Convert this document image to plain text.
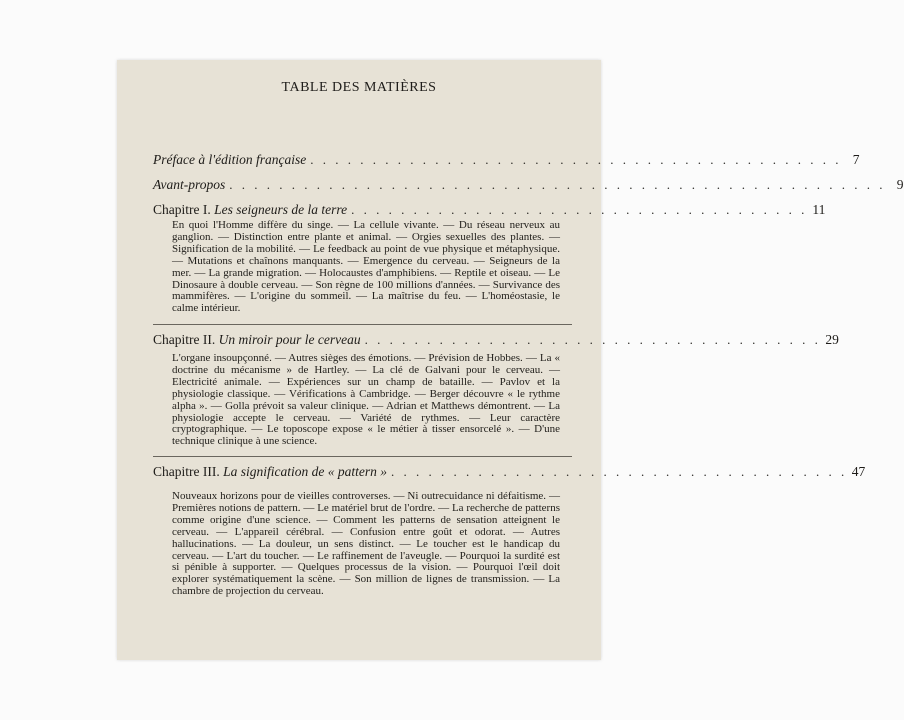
TABLE DES MATIÈRES
Préface à l'édition française . . . . . . . . . . . . . . . . . . . . . . . . . . . . . . . . . . . . . . . . . . . 7
Avant-propos . . . . . . . . . . . . . . . . . . . . . . . . . . . . . . . . . . . . . . . . . . . . . . . . . . . . . 9
Chapitre I. Les seigneurs de la terre . . . . . . . . . . . . . . . . . . . . . . . . . . . . . . . . . . . . . 11
En quoi l'Homme diffère du singe. — La cellule vivante. — Du réseau nerveux au ganglion. — Distinction entre plante et animal. — Orgies sexuelles des plantes. — Signification de la mobilité. — Le feedback au point de vue physique et métaphysique. — Mutations et chaînons manquants. — Emergence du cerveau. — Seigneurs de la mer. — La grande migration. — Holocaustes d'amphibiens. — Reptile et oiseau. — Le Dinosaure à double cerveau. — Son règne de 100 millions d'années. — Survivance des mammifères. — L'origine du sommeil. — La maîtrise du feu. — L'homéostasie, le calme intérieur.
Chapitre II. Un miroir pour le cerveau . . . . . . . . . . . . . . . . . . . . . . . . . . . . . . . . . . . . . 29
L'organe insoupçonné. — Autres sièges des émotions. — Prévision de Hobbes. — La « doctrine du mécanisme » de Hartley. — La clé de Galvani pour le cerveau. — Electricité animale. — Expériences sur un champ de bataille. — Pavlov et la physiologie classique. — Vérifications à Cambridge. — Berger découvre « le rythme alpha ». — Golla prévoit sa valeur clinique. — Adrian et Matthews démontrent. — La physiologie accepte le cerveau. — Variété de rythmes. — Leur caractère cryptographique. — Le toposcope expose « le métier à tisser ensorcelé ». — D'une technique clinique à une science.
Chapitre III. La signification de « pattern » . . . . . . . . . . . . . . . . . . . . . . . . . . . . . . . . . . . . . 47
Nouveaux horizons pour de vieilles controverses. — Ni outrecuidance ni défaitisme. — Premières notions de pattern. — Le matériel brut de l'ordre. — La recherche de patterns comme origine d'une science. — Comment les patterns de sensation atteignent le cerveau. — L'appareil cérébral. — Confusion entre goût et odorat. — Autres hallucinations. — La douleur, un sens distinct. — Le toucher est le handicap du cerveau. — L'art du toucher. — Le raffinement de l'aveugle. — Pourquoi la surdité est si pénible à supporter. — Quelques processus de la vision. — Pourquoi l'œil doit explorer systématiquement la scène. — Son million de lignes de transmission. — La chambre de projection du cerveau.
